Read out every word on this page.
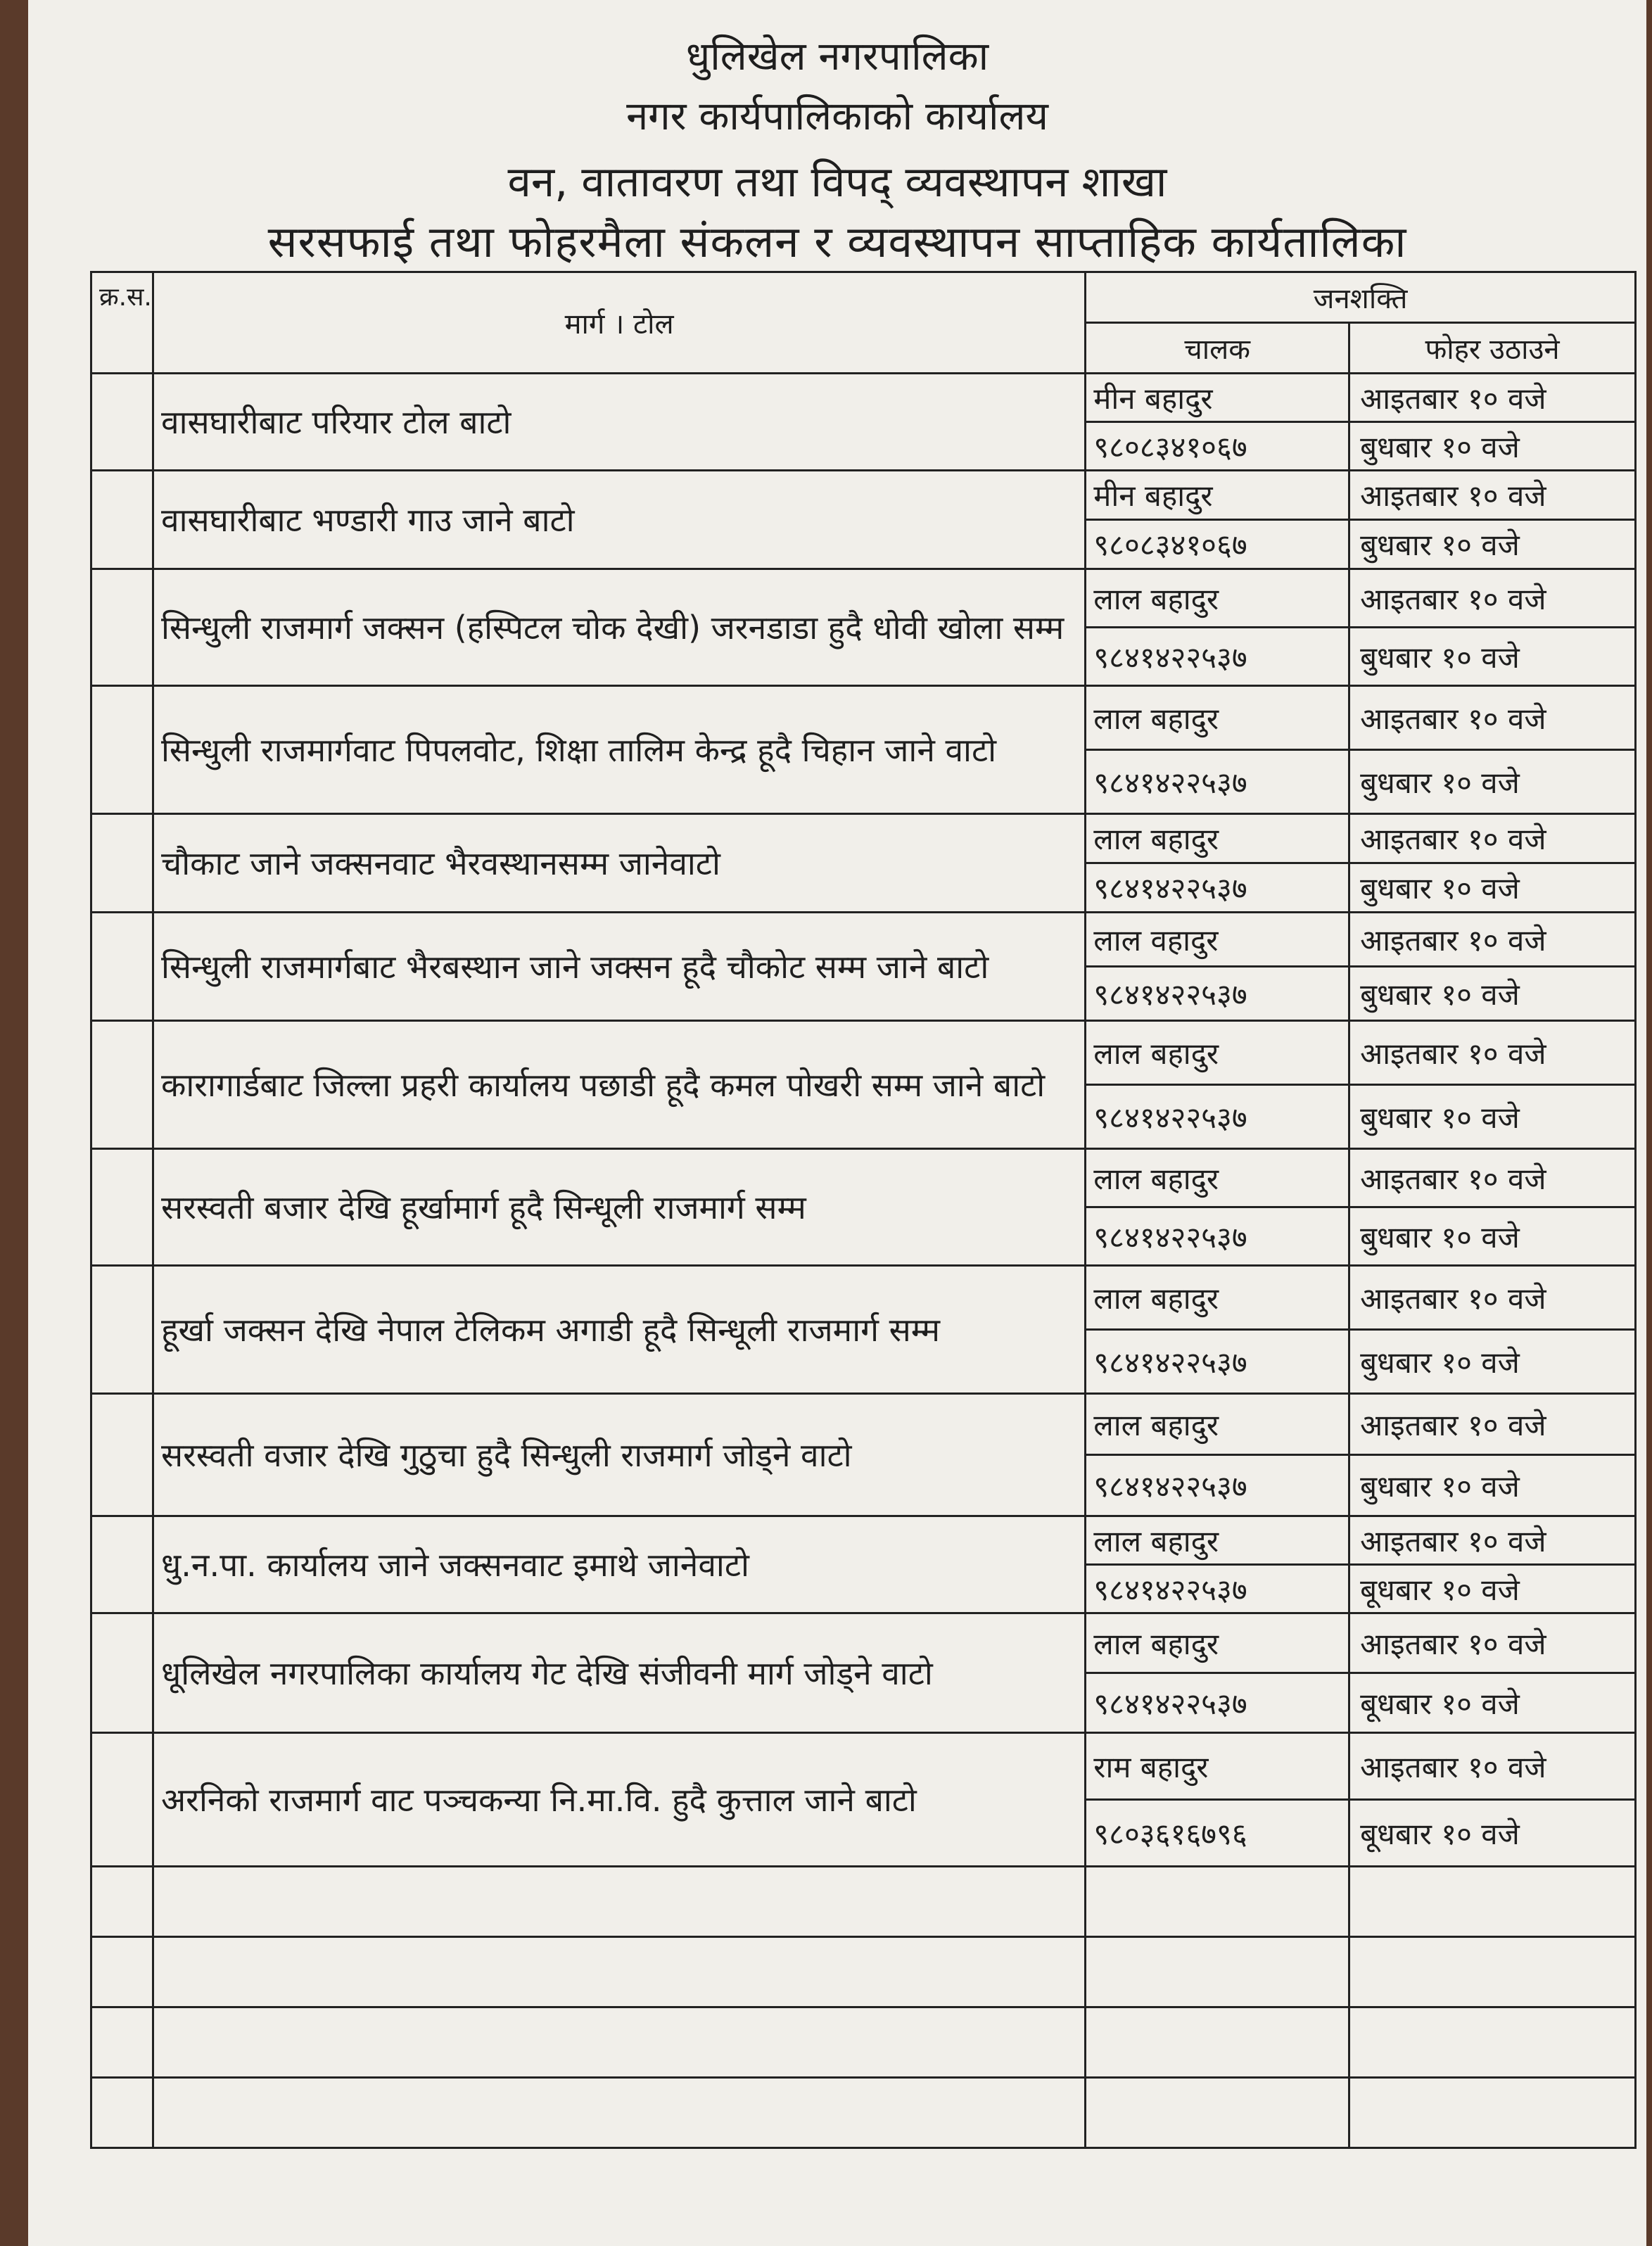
धुलिखेल नगरपालिका
नगर कार्यपालिकाको कार्यालय
वन, वातावरण तथा विपद् व्यवस्थापन शाखा
सरसफाई तथा फोहरमैला संकलन र व्यवस्थापन साप्ताहिक कार्यतालिका
क्र.स.	मार्ग । टोल	जनशक्ति	
		चालक	फोहर उठाउने
	वासघारीबाट परियार टोल बाटो	मीन बहादुर	आइतबार १० वजे
		९८०८३४१०६७	बुधबार १० वजे
	वासघारीबाट भण्डारी गाउ जाने बाटो	मीन बहादुर	आइतबार १० वजे
		९८०८३४१०६७	बुधबार १० वजे
	सिन्धुली राजमार्ग जक्सन (हस्पिटल चोक देखी) जरनडाडा हुदै धोवी खोला सम्म	लाल बहादुर	आइतबार १० वजे
		९८४१४२२५३७	बुधबार १० वजे
	सिन्धुली राजमार्गवाट पिपलवोट, शिक्षा तालिम केन्द्र हूदै चिहान जाने वाटो	लाल बहादुर	आइतबार १० वजे
		९८४१४२२५३७	बुधबार १० वजे
	चौकाट जाने जक्सनवाट भैरवस्थानसम्म जानेवाटो	लाल बहादुर	आइतबार १० वजे
		९८४१४२२५३७	बुधबार १० वजे
	सिन्धुली राजमार्गबाट भैरबस्थान जाने जक्सन हूदै चौकोट सम्म जाने बाटो	लाल वहादुर	आइतबार १० वजे
		९८४१४२२५३७	बुधबार १० वजे
	कारागार्डबाट जिल्ला प्रहरी कार्यालय पछाडी हूदै कमल पोखरी सम्म जाने बाटो	लाल बहादुर	आइतबार १० वजे
		९८४१४२२५३७	बुधबार १० वजे
	सरस्वती बजार देखि हूर्खामार्ग हूदै सिन्धूली राजमार्ग सम्म	लाल बहादुर	आइतबार १० वजे
		९८४१४२२५३७	बुधबार १० वजे
	हूर्खा जक्सन देखि नेपाल टेलिकम अगाडी हूदै सिन्धूली राजमार्ग सम्म	लाल बहादुर	आइतबार १० वजे
		९८४१४२२५३७	बुधबार १० वजे
	सरस्वती वजार देखि गुठुचा हुदै सिन्धुली राजमार्ग जोड्ने वाटो	लाल बहादुर	आइतबार १० वजे
		९८४१४२२५३७	बुधबार १० वजे
	धु.न.पा. कार्यालय जाने जक्सनवाट इमाथे जानेवाटो	लाल बहादुर	आइतबार १० वजे
		९८४१४२२५३७	बूधबार १० वजे
	धूलिखेल नगरपालिका कार्यालय गेट देखि संजीवनी मार्ग जोड्ने वाटो	लाल बहादुर	आइतबार १० वजे
		९८४१४२२५३७	बूधबार १० वजे
	अरनिको राजमार्ग वाट पञ्चकन्या नि.मा.वि. हुदै कुत्ताल जाने बाटो	राम बहादुर	आइतबार १० वजे
		९८०३६१६७९६	बूधबार १० वजे
